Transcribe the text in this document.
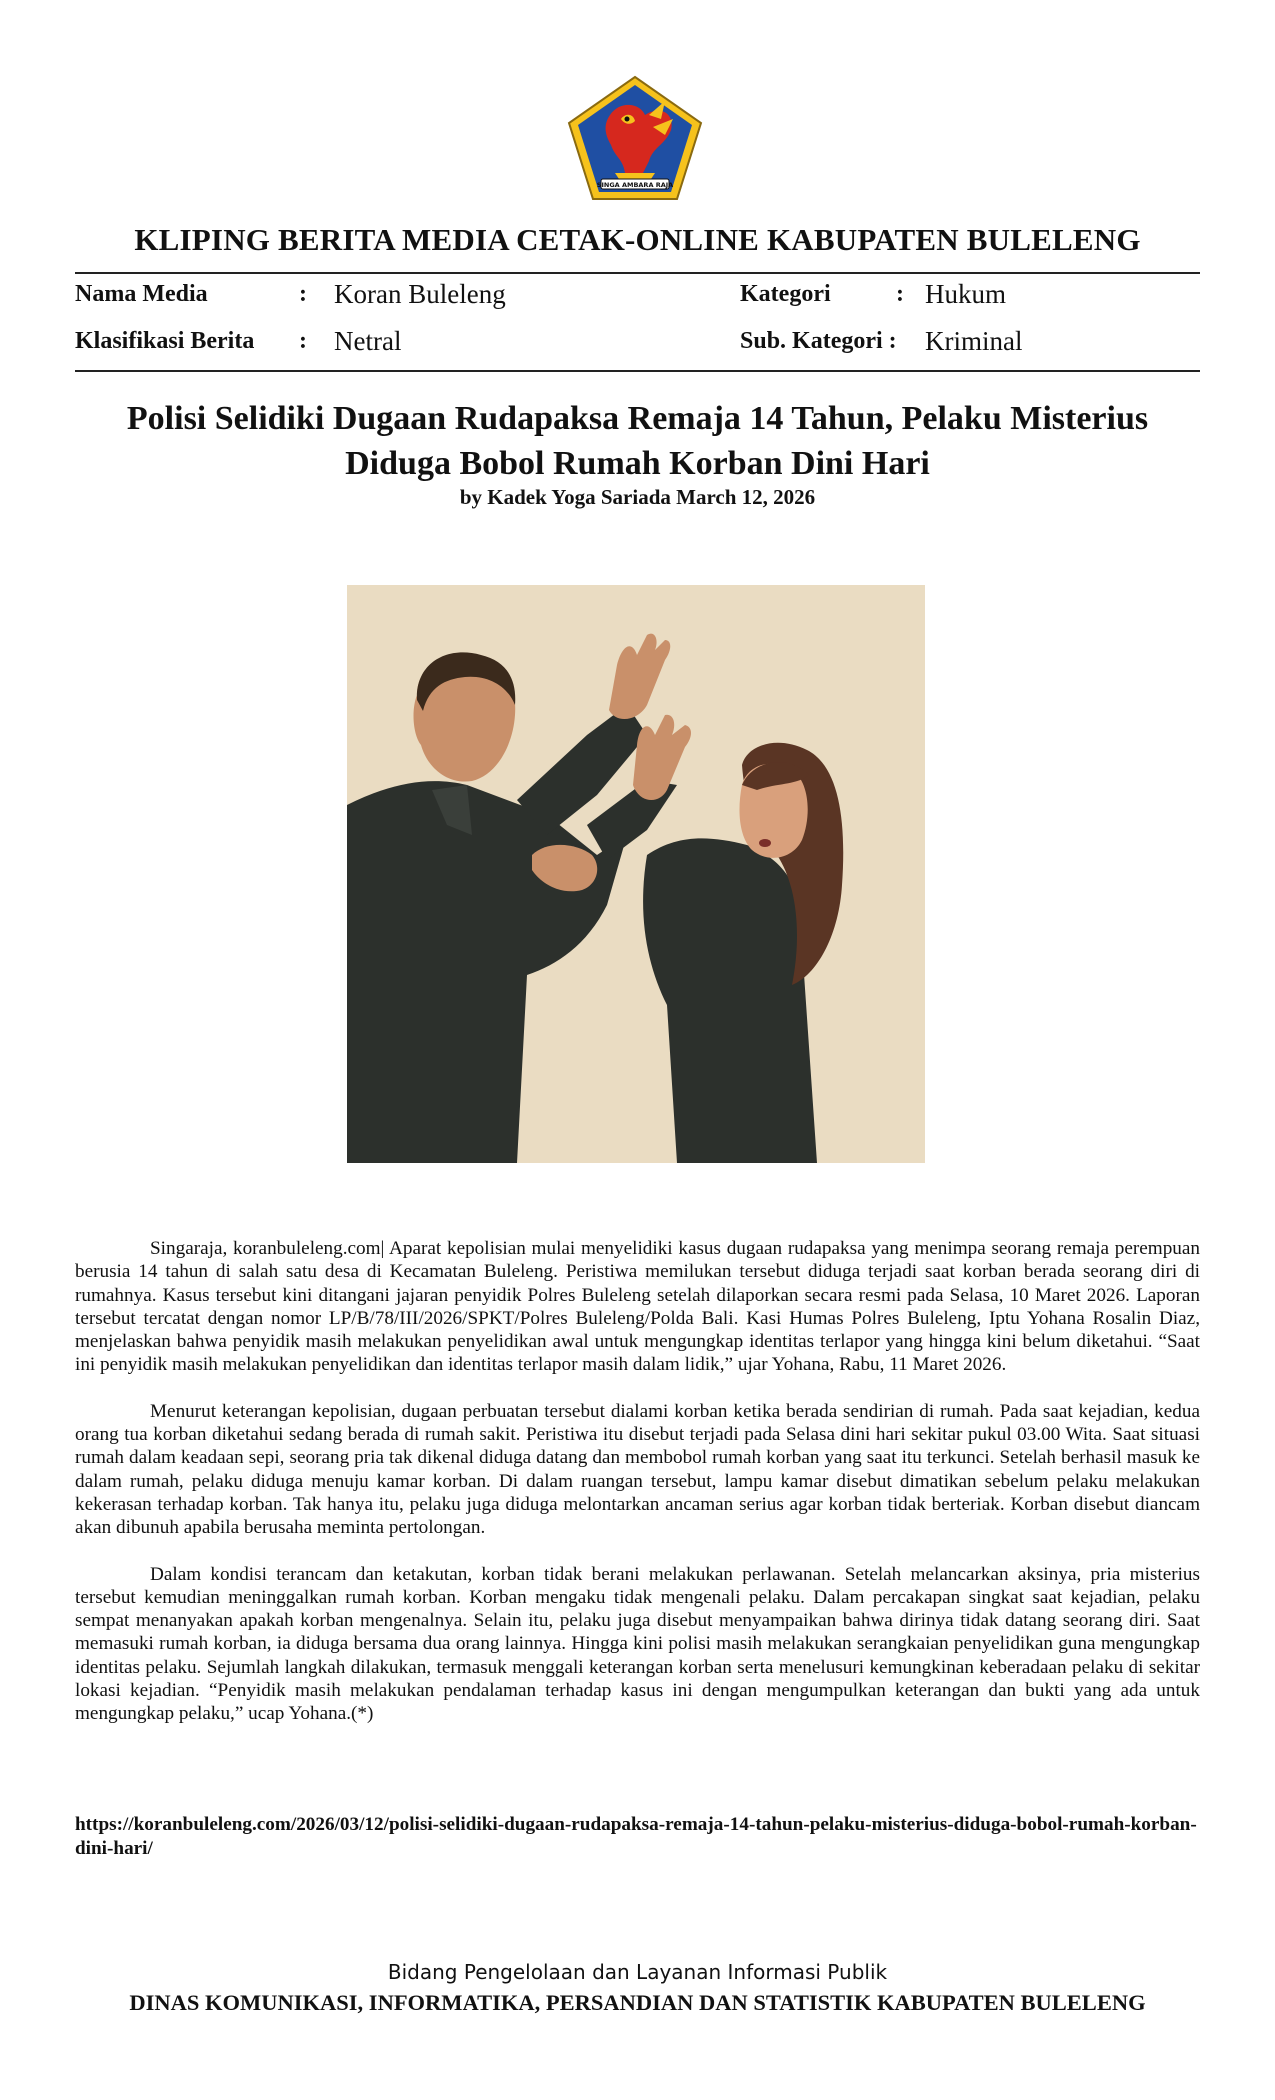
SINGA AMBARA RAJA
KLIPING BERITA MEDIA CETAK-ONLINE KABUPATEN BULELENG
Nama Media	: Koran Buleleng
Klasifikasi Berita : Netral
Kategori	: Hukum
Sub. Kategori : Kriminal
Polisi Selidiki Dugaan Rudapaksa Remaja 14 Tahun, Pelaku Misterius
Diduga Bobol Rumah Korban Dini Hari
by Kadek Yoga Sariada March 12, 2026

Singaraja, koranbuleleng.com| Aparat kepolisian mulai menyelidiki kasus dugaan rudapaksa yang menimpa seorang remaja perempuan berusia 14 tahun di salah satu desa di Kecamatan Buleleng. Peristiwa memilukan tersebut diduga terjadi saat korban berada seorang diri di rumahnya. Kasus tersebut kini ditangani jajaran penyidik Polres Buleleng setelah dilaporkan secara resmi pada Selasa, 10 Maret 2026. Laporan tersebut tercatat dengan nomor LP/B/78/III/2026/SPKT/Polres Buleleng/Polda Bali. Kasi Humas Polres Buleleng, Iptu Yohana Rosalin Diaz, menjelaskan bahwa penyidik masih melakukan penyelidikan awal untuk mengungkap identitas terlapor yang hingga kini belum diketahui. “Saat ini penyidik masih melakukan penyelidikan dan identitas terlapor masih dalam lidik,” ujar Yohana, Rabu, 11 Maret 2026.

Menurut keterangan kepolisian, dugaan perbuatan tersebut dialami korban ketika berada sendirian di rumah. Pada saat kejadian, kedua orang tua korban diketahui sedang berada di rumah sakit. Peristiwa itu disebut terjadi pada Selasa dini hari sekitar pukul 03.00 Wita. Saat situasi rumah dalam keadaan sepi, seorang pria tak dikenal diduga datang dan membobol rumah korban yang saat itu terkunci. Setelah berhasil masuk ke dalam rumah, pelaku diduga menuju kamar korban. Di dalam ruangan tersebut, lampu kamar disebut dimatikan sebelum pelaku melakukan kekerasan terhadap korban. Tak hanya itu, pelaku juga diduga melontarkan ancaman serius agar korban tidak berteriak. Korban disebut diancam akan dibunuh apabila berusaha meminta pertolongan.

Dalam kondisi terancam dan ketakutan, korban tidak berani melakukan perlawanan. Setelah melancarkan aksinya, pria misterius tersebut kemudian meninggalkan rumah korban. Korban mengaku tidak mengenali pelaku. Dalam percakapan singkat saat kejadian, pelaku sempat menanyakan apakah korban mengenalnya. Selain itu, pelaku juga disebut menyampaikan bahwa dirinya tidak datang seorang diri. Saat memasuki rumah korban, ia diduga bersama dua orang lainnya. Hingga kini polisi masih melakukan serangkaian penyelidikan guna mengungkap identitas pelaku. Sejumlah langkah dilakukan, termasuk menggali keterangan korban serta menelusuri kemungkinan keberadaan pelaku di sekitar lokasi kejadian. “Penyidik masih melakukan pendalaman terhadap kasus ini dengan mengumpulkan keterangan dan bukti yang ada untuk mengungkap pelaku,” ucap Yohana.(*)

https://koranbuleleng.com/2026/03/12/polisi-selidiki-dugaan-rudapaksa-remaja-14-tahun-pelaku-misterius-diduga-bobol-rumah-korban-dini-hari/
Bidang Pengelolaan dan Layanan Informasi Publik
DINAS KOMUNIKASI, INFORMATIKA, PERSANDIAN DAN STATISTIK KABUPATEN BULELENG
